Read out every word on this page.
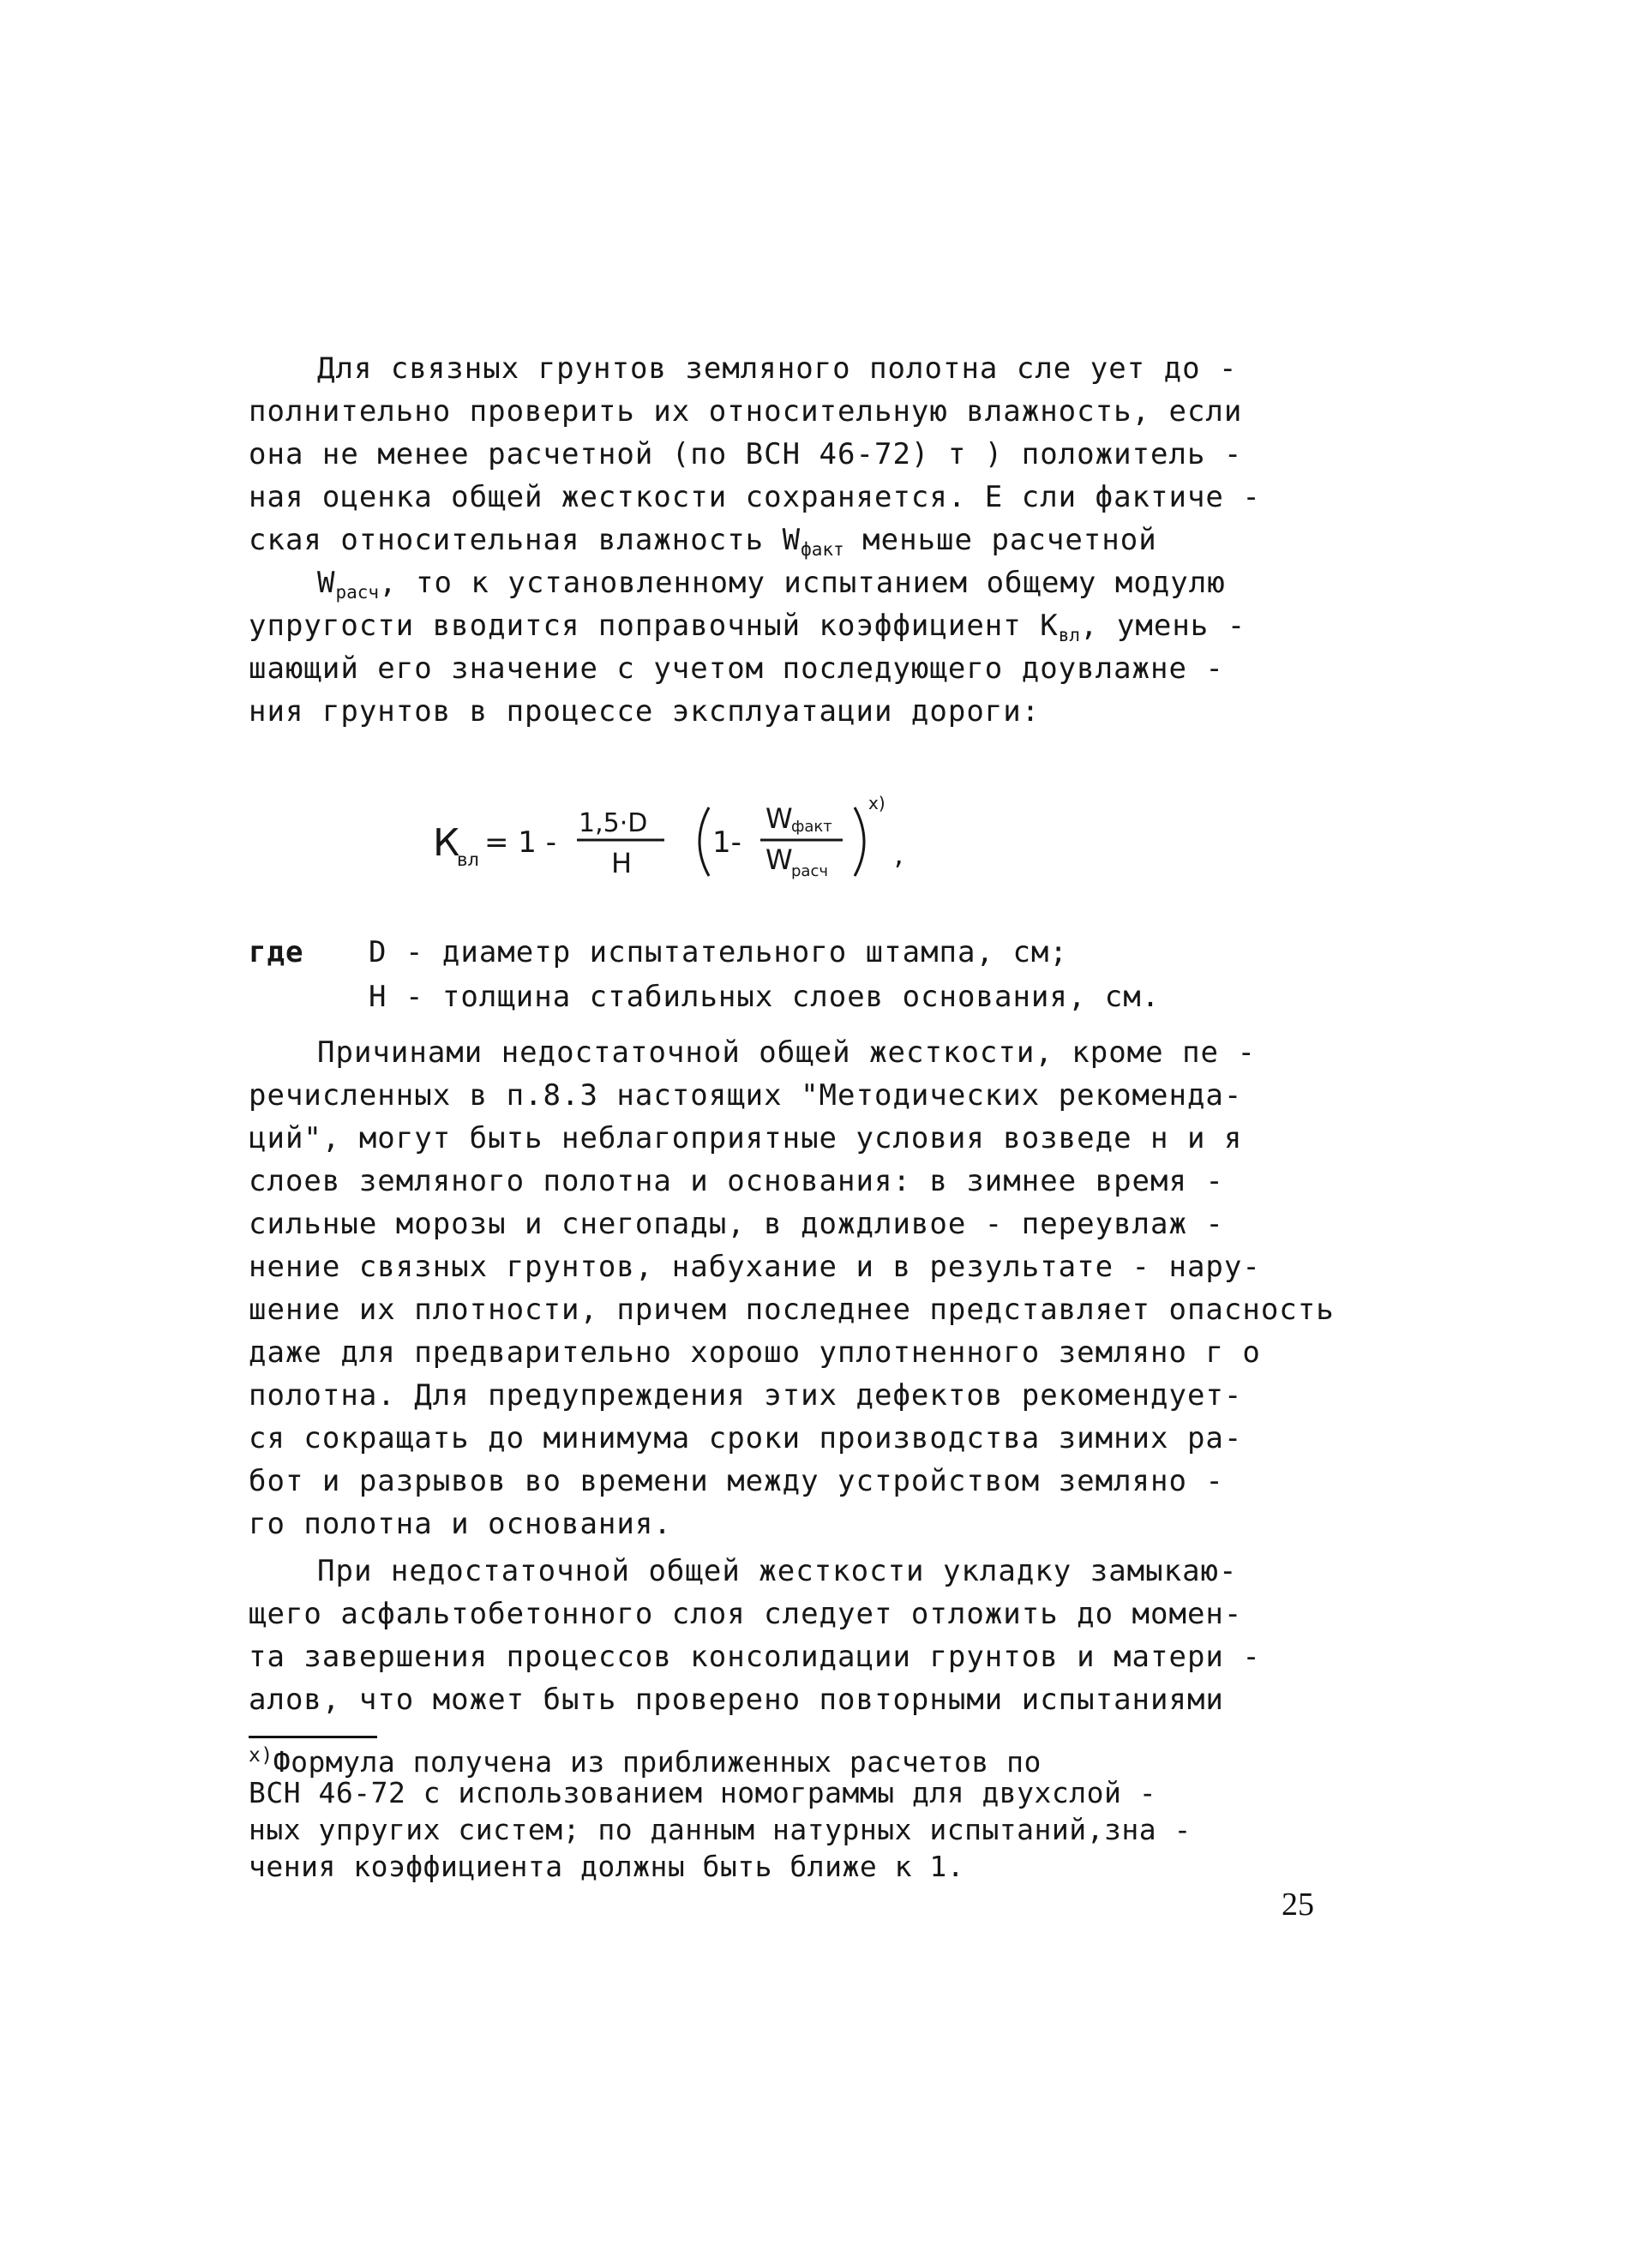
Для связных грунтов земляного полотна сле ует до -
полнительно проверить их относительную влажность, если
она не менее расчетной (по ВСН 46-72) т ) положитель -
ная оценка общей жесткости сохраняется. Е сли фактиче -
ская относительная влажность $W_{факт}$ меньше расчетной
$W_{расч}$, то к установленному испытанием общему модулю
упругости вводится поправочный коэффициент $К_{вл}$, умень -
шающий его значение с учетом последующего доувлажне -
ния грунтов в процессе эксплуатации дороги:
К
вл = 1 -
1,5·D
H
1-
W
факт
W
расч
х)
,
где D - диаметр испытательного штампа, см;
H - толщина стабильных слоев основания, см.
Причинами недостаточной общей жесткости, кроме пе -
речисленных в п.8.3 настоящих "Методических рекоменда-
ций", могут быть неблагоприятные условия возведе н и я
слоев земляного полотна и основания: в зимнее время -
сильные морозы и снегопады, в дождливое - переувлаж -
нение связных грунтов, набухание и в результате - нару-
шение их плотности, причем последнее представляет опасность
даже для предварительно хорошо уплотненного земляно г о
полотна. Для предупреждения этих дефектов рекомендует-
ся сокращать до минимума сроки производства зимних ра-
бот и разрывов во времени между устройством земляно -
го полотна и основания.
При недостаточной общей жесткости укладку замыкаю-
щего асфальтобетонного слоя следует отложить до момен-
та завершения процессов консолидации грунтов и матери -
алов, что может быть проверено повторными испытаниями
$^{х)}$Формула получена из приближенных расчетов по
ВСН 46-72 с использованием номограммы для двухслой -
ных упругих систем; по данным натурных испытаний,зна -
чения коэффициента должны быть ближе к 1.
25
